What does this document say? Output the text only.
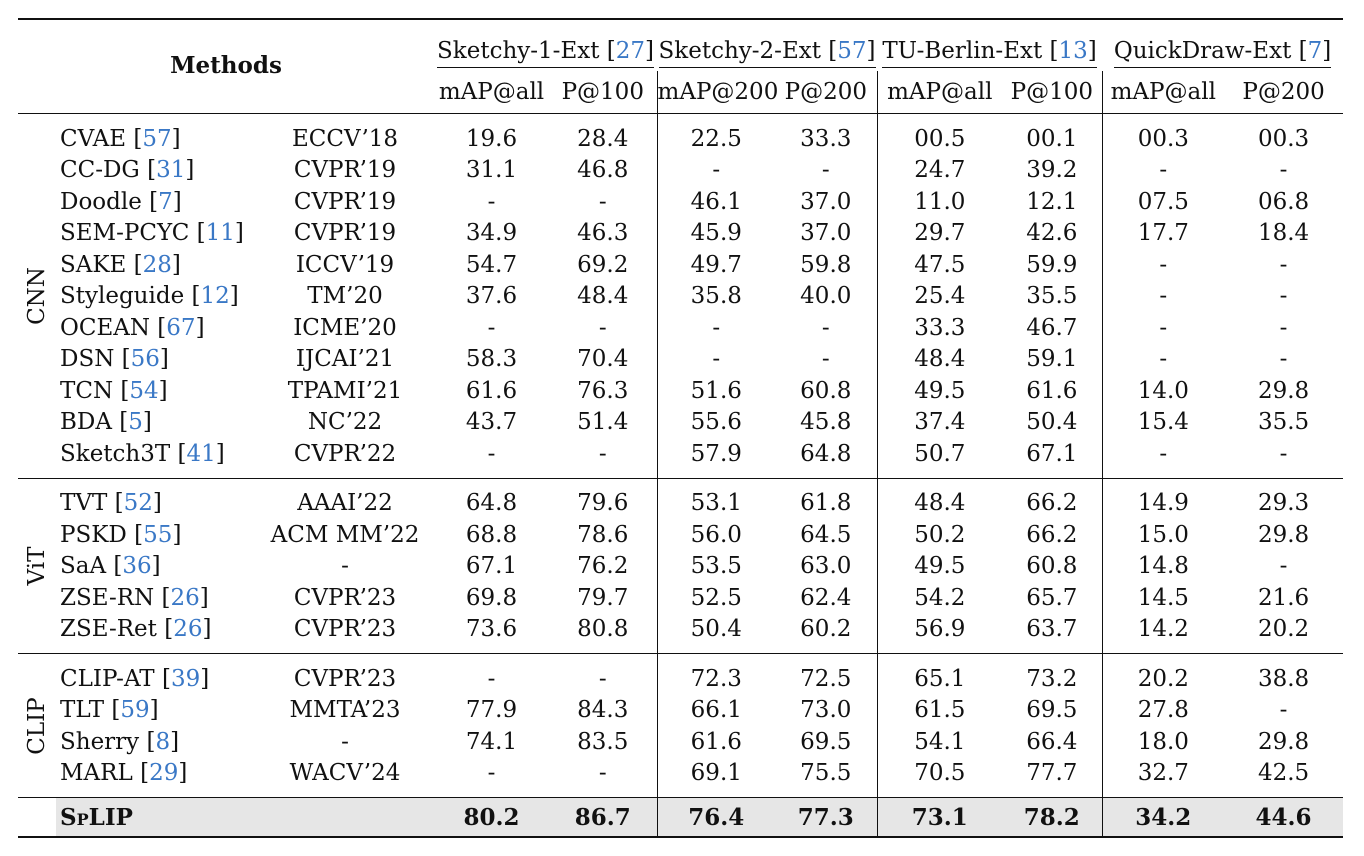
Methods			Sketchy-1-Ext [27]		Sketchy-2-Ext [57]		TU-Berlin-Ext [13]		QuickDraw-Ext [7]	
			mAP@all	P@100	mAP@200	P@200	mAP@all	P@100	mAP@all	P@200

CNN	CVAE [57]	ECCV’18	19.6	28.4	22.5	33.3	00.5	00.1	00.3	00.3
	CC-DG [31]	CVPR’19	31.1	46.8	-	-	24.7	39.2	-	-
	Doodle [7]	CVPR’19	-	-	46.1	37.0	11.0	12.1	07.5	06.8
	SEM-PCYC [11]	CVPR’19	34.9	46.3	45.9	37.0	29.7	42.6	17.7	18.4
	SAKE [28]	ICCV’19	54.7	69.2	49.7	59.8	47.5	59.9	-	-
	Styleguide [12]	TM’20	37.6	48.4	35.8	40.0	25.4	35.5	-	-
	OCEAN [67]	ICME’20	-	-	-	-	33.3	46.7	-	-
	DSN [56]	IJCAI’21	58.3	70.4	-	-	48.4	59.1	-	-
	TCN [54]	TPAMI’21	61.6	76.3	51.6	60.8	49.5	61.6	14.0	29.8
	BDA [5]	NC’22	43.7	51.4	55.6	45.8	37.4	50.4	15.4	35.5
	Sketch3T [41]	CVPR’22	-	-	57.9	64.8	50.7	67.1	-	-

ViT	TVT [52]	AAAI’22	64.8	79.6	53.1	61.8	48.4	66.2	14.9	29.3
	PSKD [55]	ACM MM’22	68.8	78.6	56.0	64.5	50.2	66.2	15.0	29.8
	SaA [36]	-	67.1	76.2	53.5	63.0	49.5	60.8	14.8	-
	ZSE-RN [26]	CVPR’23	69.8	79.7	52.5	62.4	54.2	65.7	14.5	21.6
	ZSE-Ret [26]	CVPR’23	73.6	80.8	50.4	60.2	56.9	63.7	14.2	20.2

CLIP	CLIP-AT [39]	CVPR’23	-	-	72.3	72.5	65.1	73.2	20.2	38.8
	TLT [59]	MMTA’23	77.9	84.3	66.1	73.0	61.5	69.5	27.8	-
	Sherry [8]	-	74.1	83.5	61.6	69.5	54.1	66.4	18.0	29.8
	MARL [29]	WACV’24	-	-	69.1	75.5	70.5	77.7	32.7	42.5
	SpLIP		80.2	86.7	76.4	77.3	73.1	78.2	34.2	44.6
